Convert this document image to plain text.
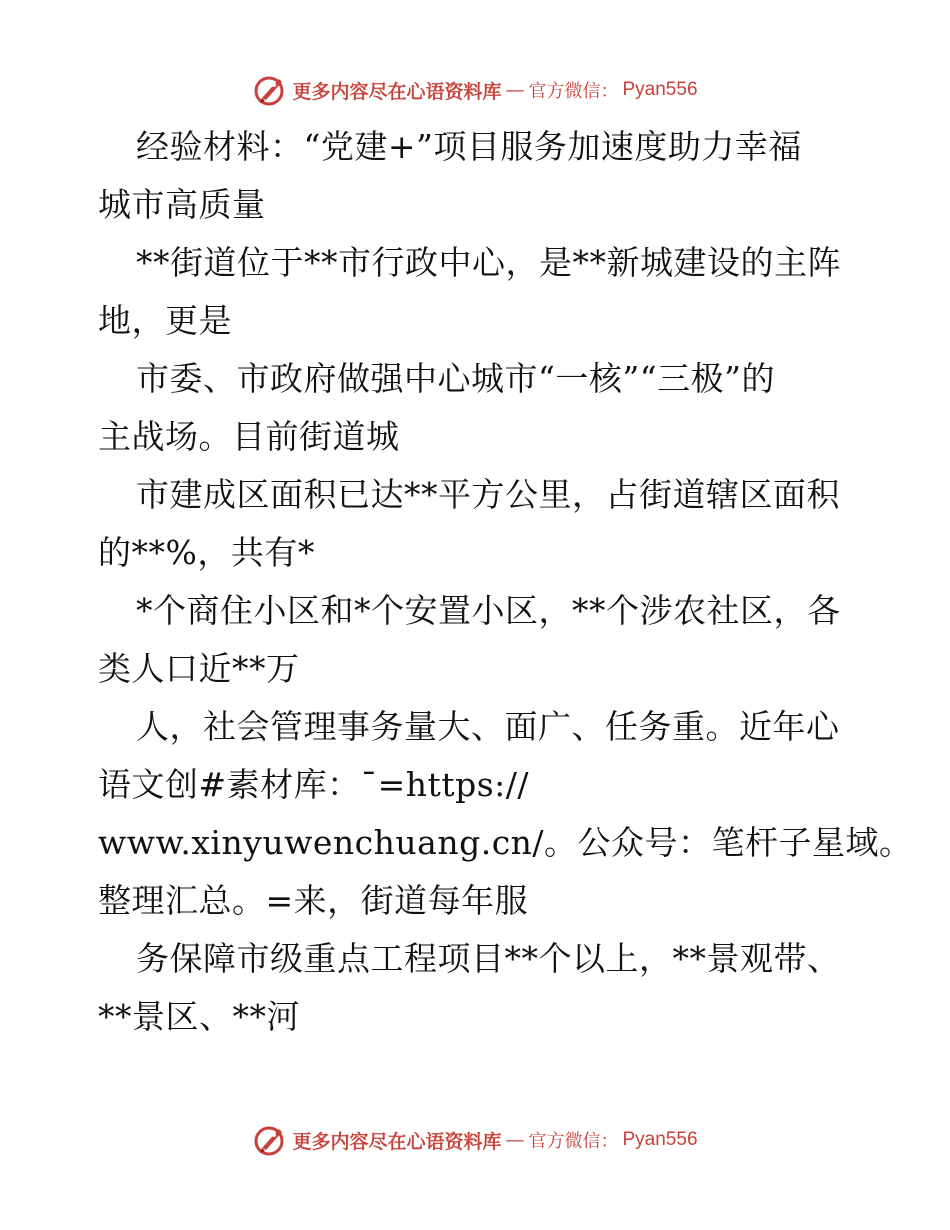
更多内容尽在心语资料库 — 官方微信： Pyan556
经验材料：“党建+”项目服务加速度助力幸福
城市高质量
**街道位于**市行政中心，是**新城建设的主阵
地，更是
市委、市政府做强中心城市“一核”“三极”的
主战场。目前街道城
市建成区面积已达**平方公里，占街道辖区面积
的**%，共有*
*个商住小区和*个安置小区，**个涉农社区，各
类人口近**万
人，社会管理事务量大、面广、任务重。近年心
语文创#素材库：¯=https://
www.xinyuwenchuang.cn/。公众号：笔杆子星域。
整理汇总。=来，街道每年服
务保障市级重点工程项目**个以上，**景观带、
**景区、**河
更多内容尽在心语资料库 — 官方微信： Pyan556
